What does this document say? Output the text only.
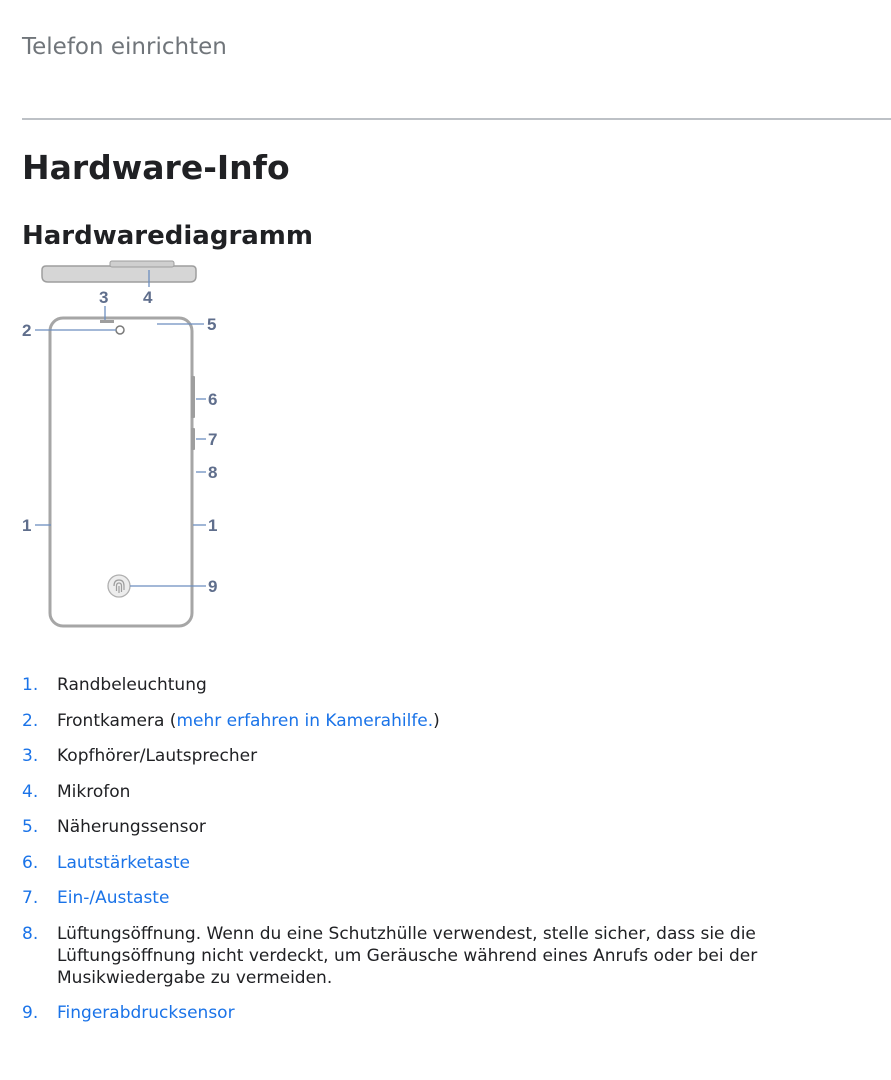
Telefon einrichten
Hardware-Info
Hardwarediagramm
2
3 4
5
6
7
8
1	1
9
1.	Randbeleuchtung
2.	Frontkamera (mehr erfahren in Kamerahilfe.)
3.	Kopfhörer/Lautsprecher
4.	Mikrofon
5.	Näherungssensor
6.	Lautstärketaste
7.	Ein-/Austaste
8.	Lüftungsöffnung. Wenn du eine Schutzhülle verwendest, stelle sicher, dass sie die Lüftungsöffnung nicht verdeckt, um Geräusche während eines Anrufs oder bei der Musikwiedergabe zu vermeiden.
9.	Fingerabdrucksensor
